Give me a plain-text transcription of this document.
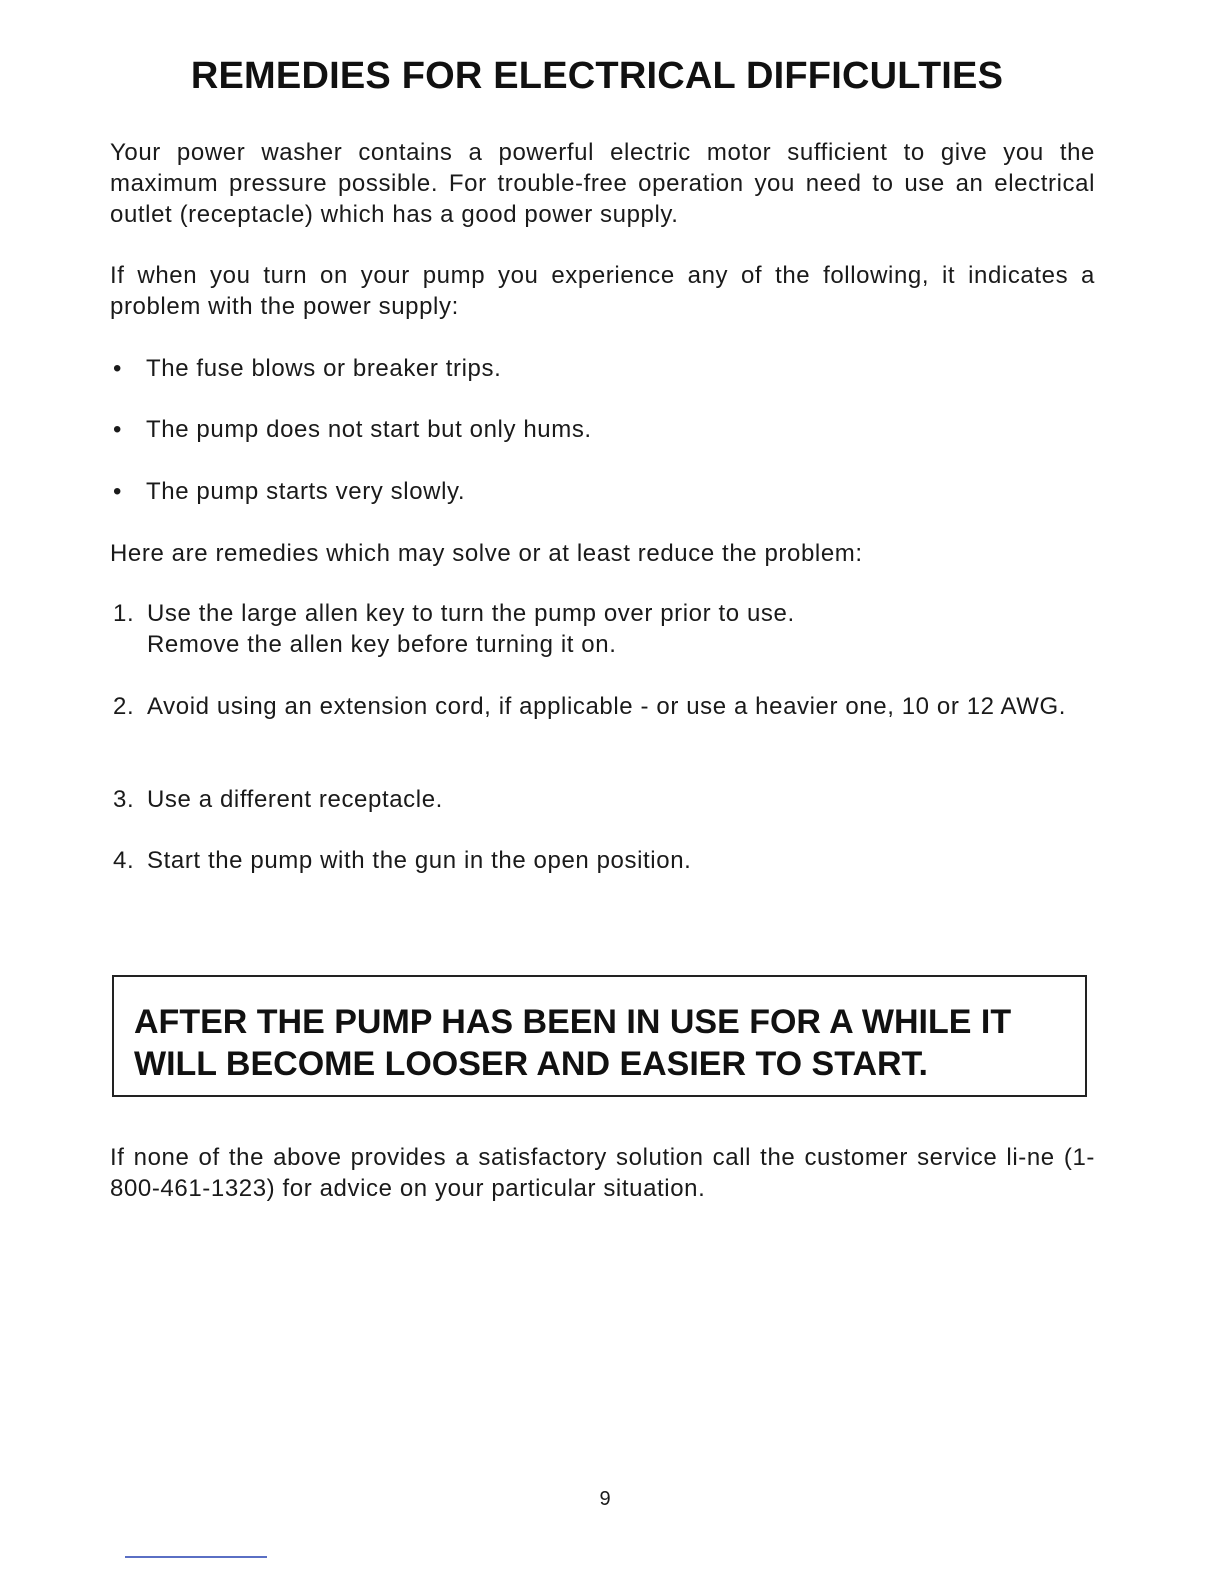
REMEDIES FOR ELECTRICAL DIFFICULTIES

Your power washer contains a powerful electric motor sufficient to give you the maximum pressure possible. For trouble-free operation you need to use an electrical outlet (receptacle) which has a good power supply.

If when you turn on your pump you experience any of the following, it indicates a problem with the power supply:

• The fuse blows or breaker trips.
• The pump does not start but only hums.
• The pump starts very slowly.

Here are remedies which may solve or at least reduce the problem:

1. Use the large allen key to turn the pump over prior to use.
Remove the allen key before turning it on.
2. Avoid using an extension cord, if applicable - or use a heavier one, 10 or 12 AWG.
3. Use a different receptacle.
4. Start the pump with the gun in the open position.

AFTER THE PUMP HAS BEEN IN USE FOR A WHILE IT WILL BECOME LOOSER AND EASIER TO START.

If none of the above provides a satisfactory solution call the customer service li-ne (1-800-461-1323) for advice on your particular situation.

9
